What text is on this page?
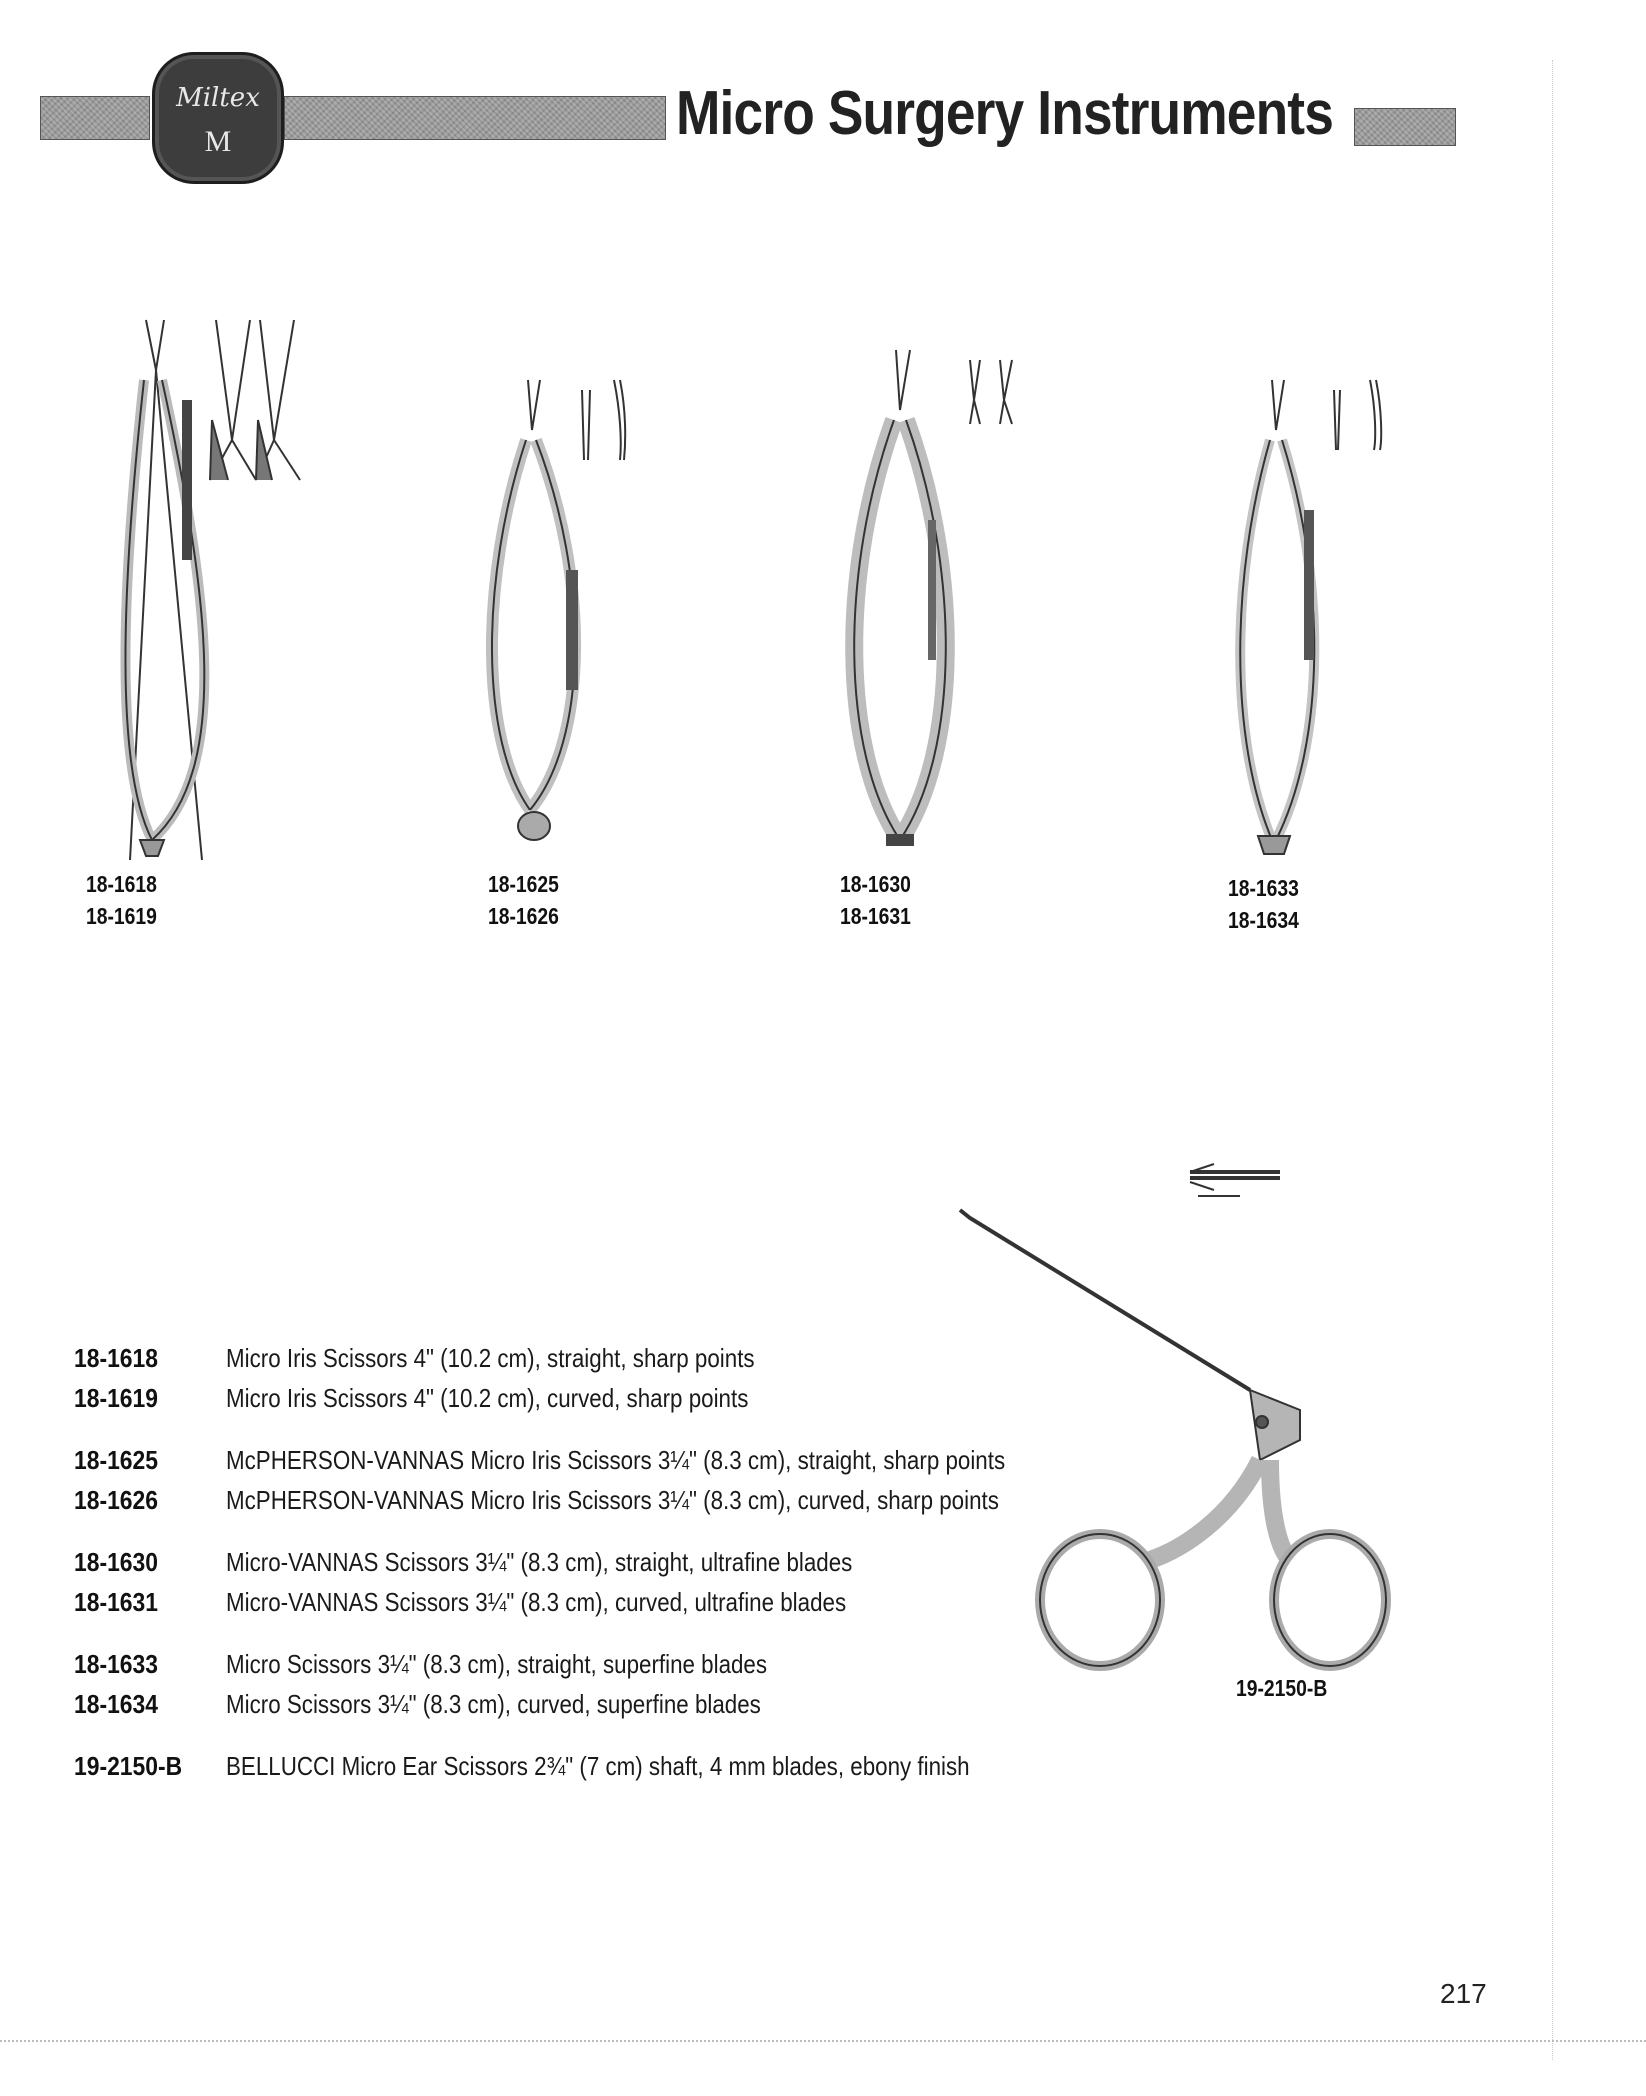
Miltex
M	Micro Surgery Instruments
18-1618
18-1619
18-1625
18-1626
18-1630
18-1631
18-1633
18-1634
19-2150-B
18-1618	Micro Iris Scissors 4" (10.2 cm), straight, sharp points
18-1619	Micro Iris Scissors 4" (10.2 cm), curved, sharp points
18-1625	McPHERSON-VANNAS Micro Iris Scissors 3¼" (8.3 cm), straight, sharp points
18-1626	McPHERSON-VANNAS Micro Iris Scissors 3¼" (8.3 cm), curved, sharp points
18-1630	Micro-VANNAS Scissors 3¼" (8.3 cm), straight, ultrafine blades
18-1631	Micro-VANNAS Scissors 3¼" (8.3 cm), curved, ultrafine blades
18-1633	Micro Scissors 3¼" (8.3 cm), straight, superfine blades
18-1634	Micro Scissors 3¼" (8.3 cm), curved, superfine blades
19-2150-B	BELLUCCI Micro Ear Scissors 2¾" (7 cm) shaft, 4 mm blades, ebony finish
217
